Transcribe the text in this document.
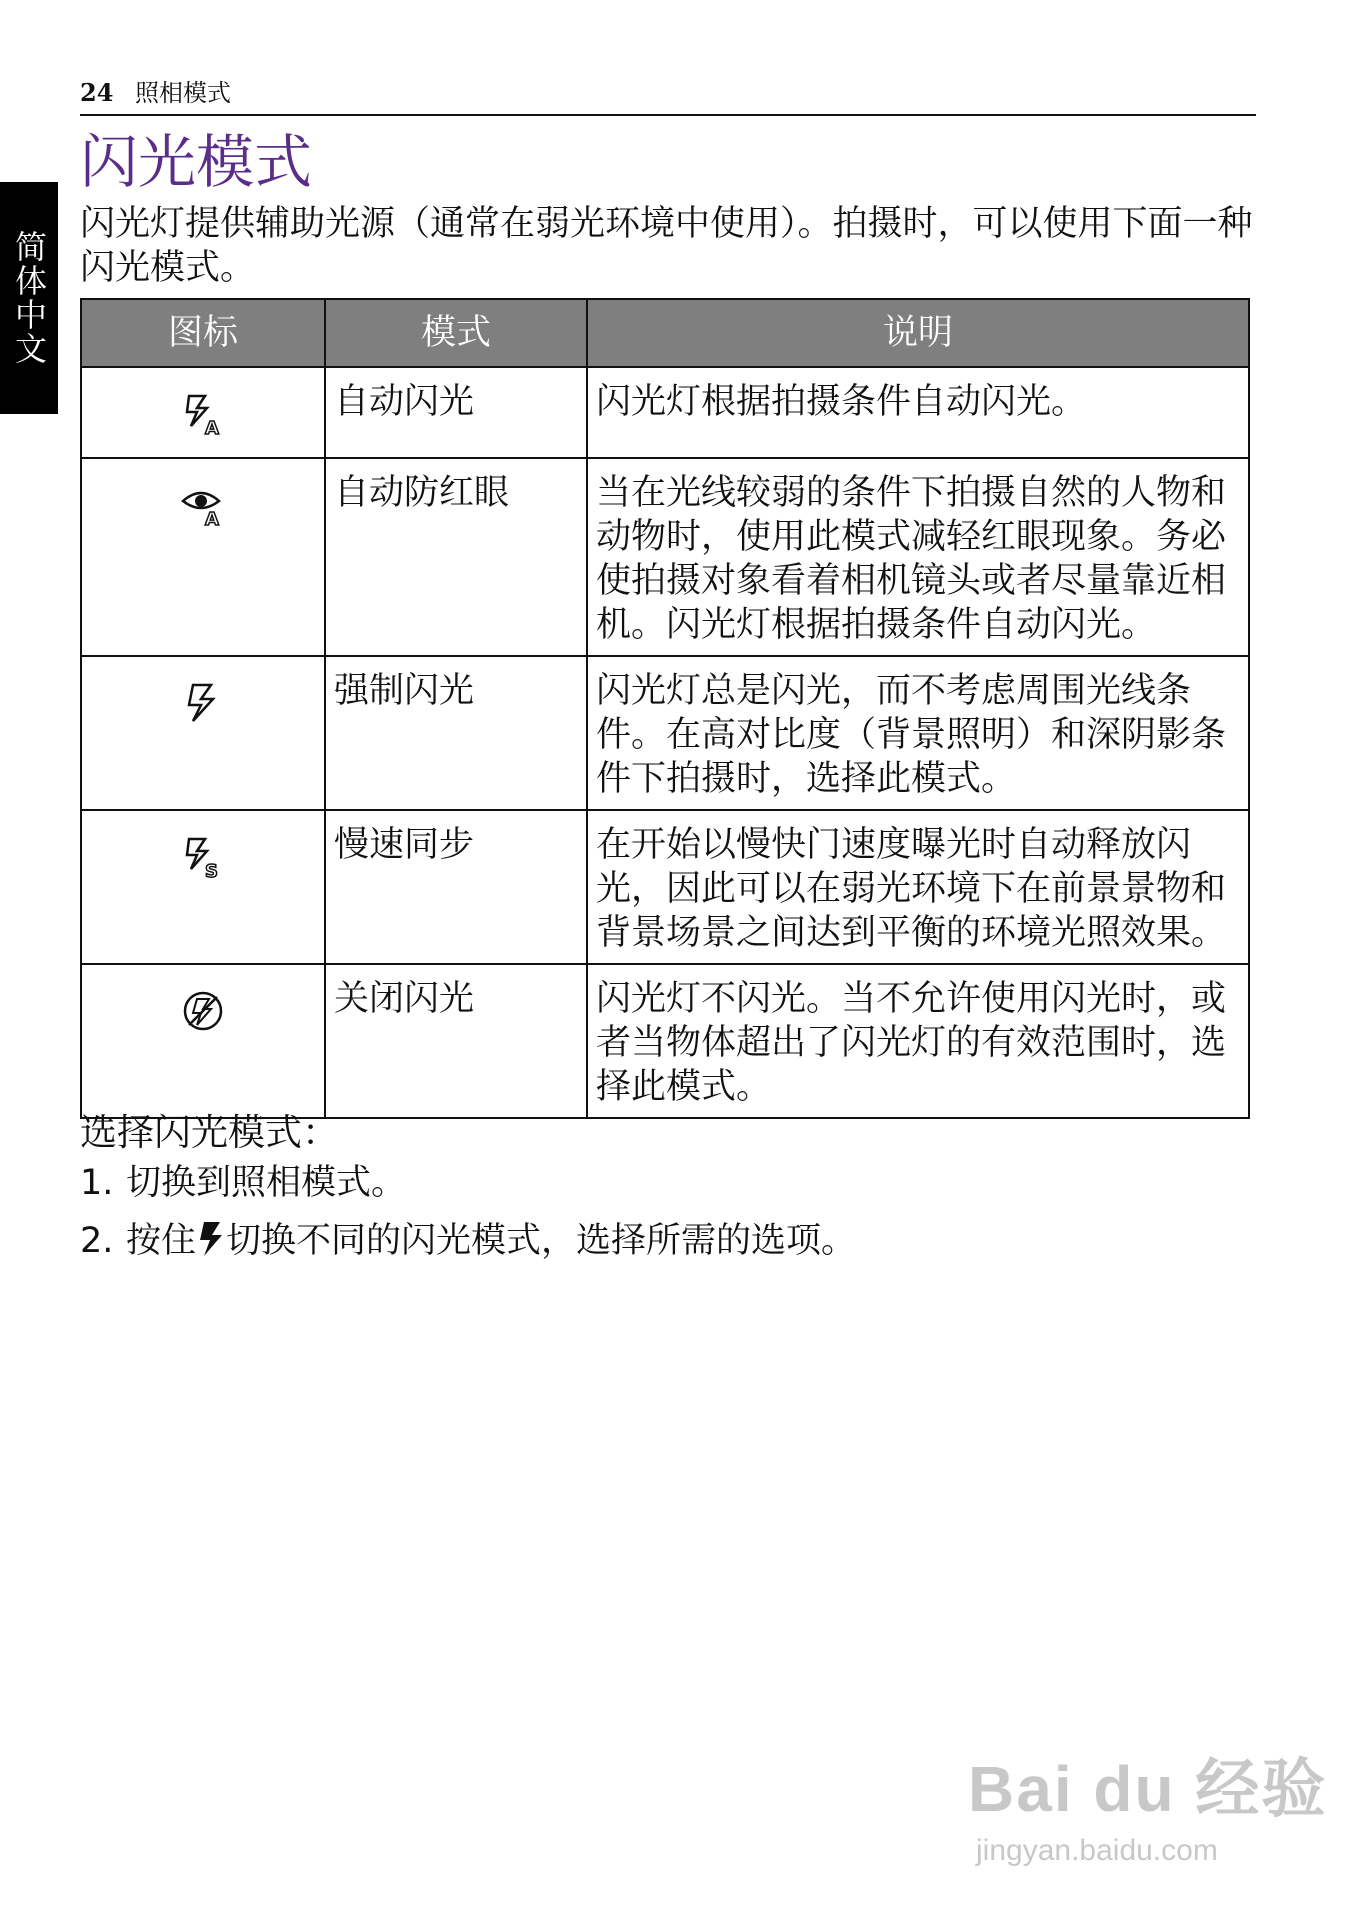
24 照相模式
简体中文
闪光模式

闪光灯提供辅助光源（通常在弱光环境中使用）。拍摄时，可以使用下面一种闪光模式。

图标	模式	说明

A	自动闪光	闪光灯根据拍摄条件自动闪光。

A	自动防红眼	当在光线较弱的条件下拍摄自然的人物和动物时，使用此模式减轻红眼现象。务必使拍摄对象看着相机镜头或者尽量靠近相机。闪光灯根据拍摄条件自动闪光。
	强制闪光	闪光灯总是闪光，而不考虑周围光线条件。在高对比度（背景照明）和深阴影条件下拍摄时，选择此模式。

S	慢速同步	在开始以慢快门速度曝光时自动释放闪光，因此可以在弱光环境下在前景景物和背景场景之间达到平衡的环境光照效果。
	关闭闪光	闪光灯不闪光。当不允许使用闪光时，或者当物体超出了闪光灯的有效范围时，选择此模式。

选择闪光模式：

1. 切换到照相模式。
2. 按住 切换不同的闪光模式，选择所需的选项。
Bai du 经验
jingyan.baidu.com
